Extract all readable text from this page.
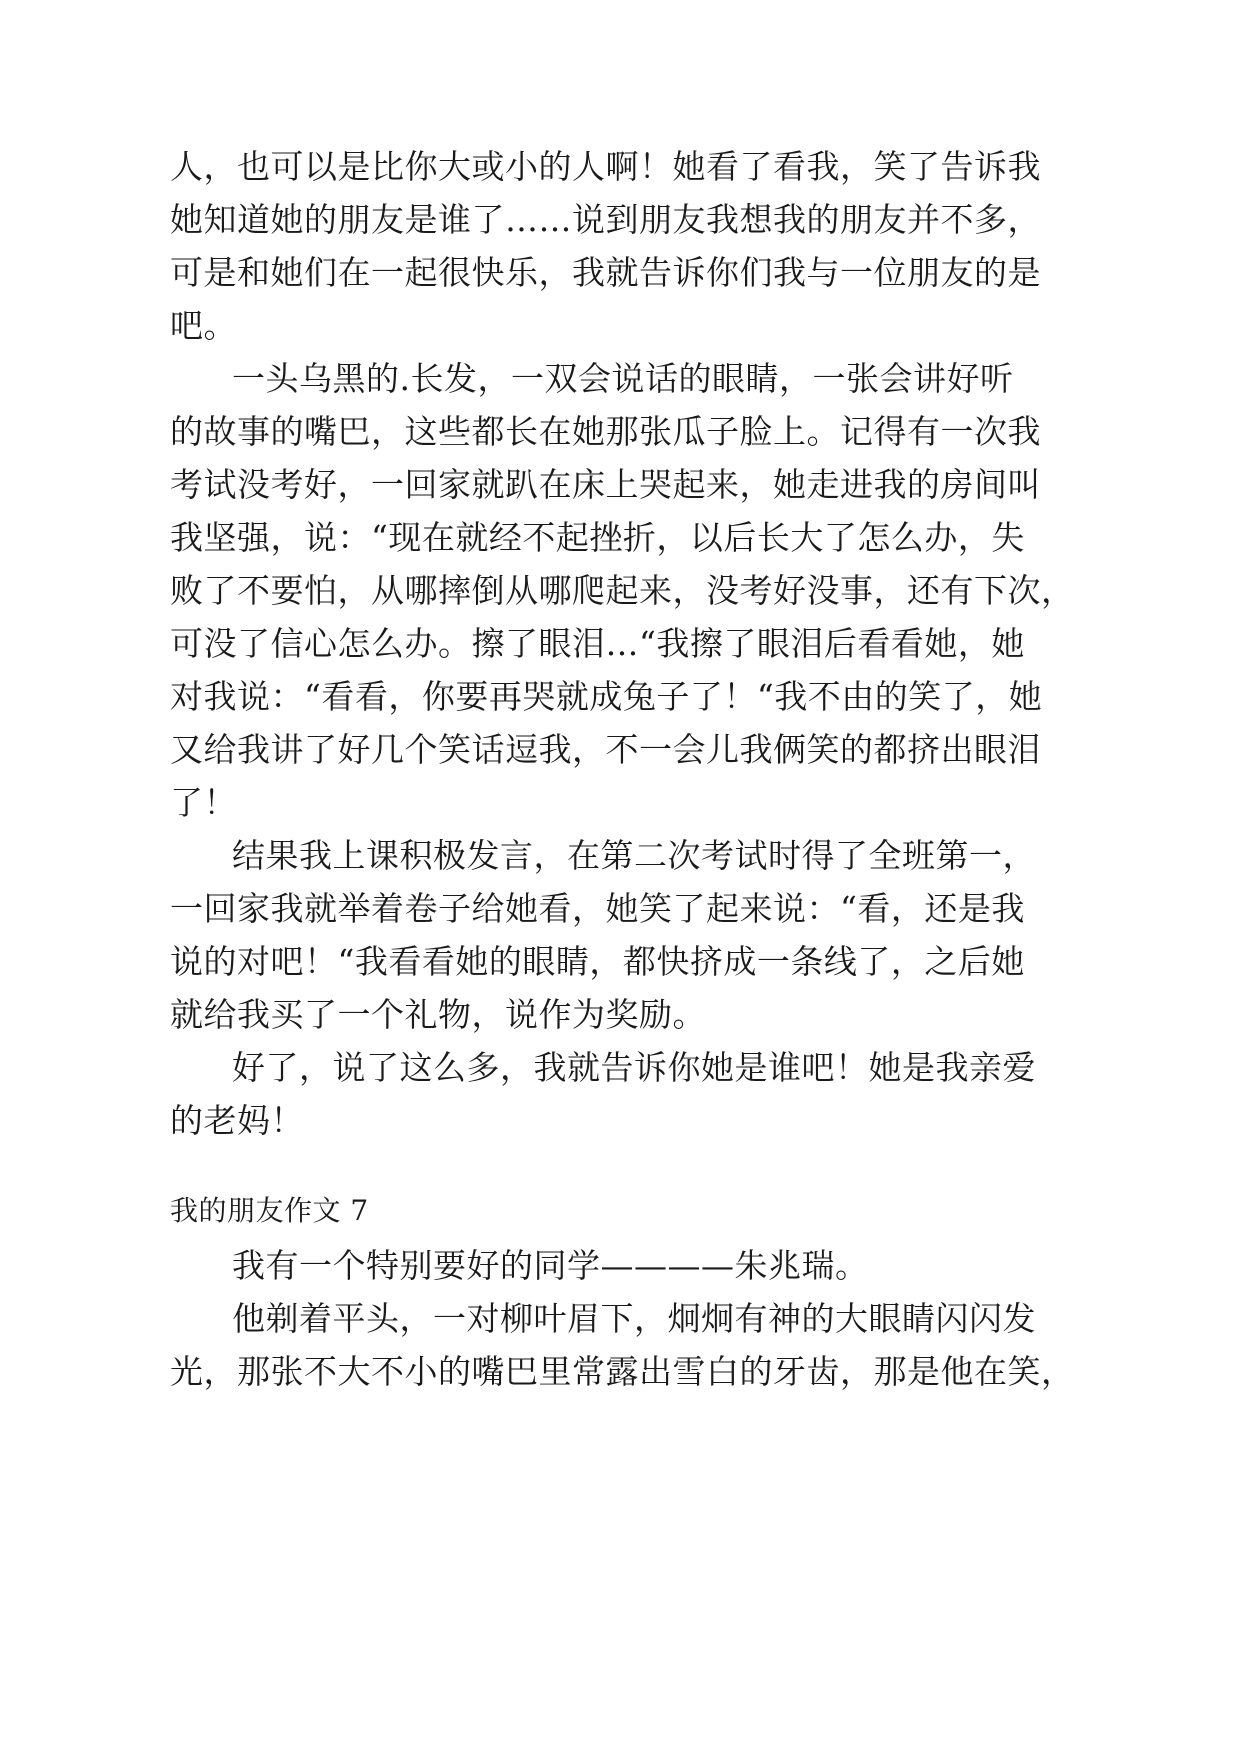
人，也可以是比你大或小的人啊！她看了看我，笑了告诉我
她知道她的朋友是谁了……说到朋友我想我的朋友并不多，
可是和她们在一起很快乐，我就告诉你们我与一位朋友的是
吧。
一头乌黑的.长发，一双会说话的眼睛，一张会讲好听
的故事的嘴巴，这些都长在她那张瓜子脸上。记得有一次我
考试没考好，一回家就趴在床上哭起来，她走进我的房间叫
我坚强，说：“现在就经不起挫折，以后长大了怎么办，失
败了不要怕，从哪摔倒从哪爬起来，没考好没事，还有下次，
可没了信心怎么办。擦了眼泪…“我擦了眼泪后看看她，她
对我说：“看看，你要再哭就成兔子了！“我不由的笑了，她
又给我讲了好几个笑话逗我，不一会儿我俩笑的都挤出眼泪
了！
结果我上课积极发言，在第二次考试时得了全班第一，
一回家我就举着卷子给她看，她笑了起来说：“看，还是我
说的对吧！“我看看她的眼睛，都快挤成一条线了，之后她
就给我买了一个礼物，说作为奖励。
好了，说了这么多，我就告诉你她是谁吧！她是我亲爱
的老妈！
我的朋友作文 7
我有一个特别要好的同学————朱兆瑞。
他剃着平头，一对柳叶眉下，炯炯有神的大眼睛闪闪发
光，那张不大不小的嘴巴里常露出雪白的牙齿，那是他在笑，
